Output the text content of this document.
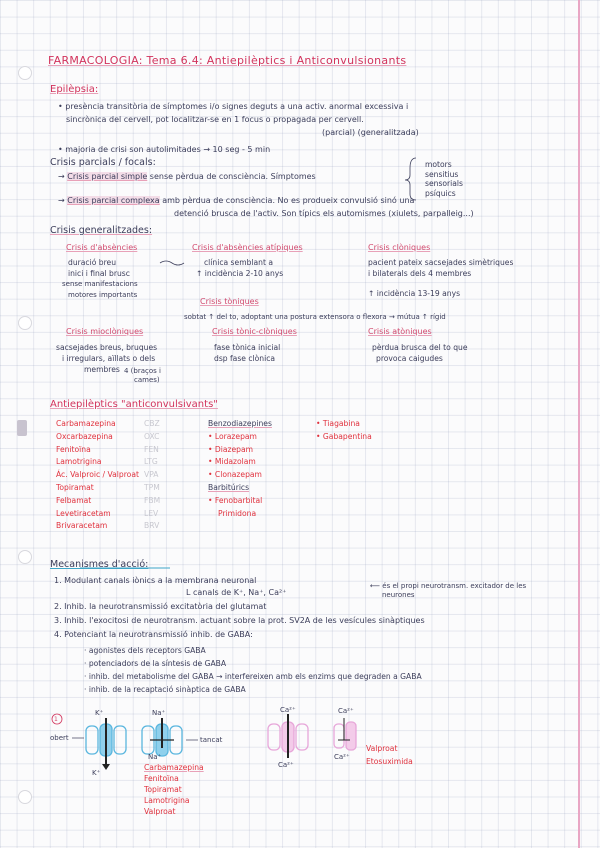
FARMACOLOGIA: Tema 6.4: Antiepilèptics i Anticonvulsionants
Epilèpsia:
• presència transitòria de símptomes i/o signes deguts a una activ. anormal excessiva i
sincrònica del cervell, pot localitzar-se en 1 focus o propagada per cervell.
(parcial) (generalitzada)
• majoria de crisi son autolimitades → 10 seg - 5 min
Crisis parcials / focals:
→ Crisis parcial simple sense pèrdua de consciència. Símptomes
motors
sensitius
sensorials
psíquics
→ Crisis parcial complexa amb pèrdua de consciència. No es produeix convulsió sinó una
detenció brusca de l'activ. Son típics els automismes (xiulets, parpalleig...)
Crisis generalitzades:
Crisis d'absències
duració breu
inici i final brusc
sense manifestacions
motores importants
Crisis d'absències atípiques
clínica semblant a
↑ incidència 2-10 anys
Crisis clòniques
pacient pateix sacsejades simètriques
i bilaterals dels 4 membres
↑ incidència 13-19 anys
Crisis tòniques
sobtat ↑ del to, adoptant una postura extensora o flexora → mútua ↑ rígid
Crisis mioclòniques
sacsejades breus, bruques
i irregulars, aïllats o dels
membres 4 (braços i
cames)
Crisis tònic-clòniques
fase tònica inicial
dsp fase clònica
Crisis atòniques
pèrdua brusca del to que
provoca caigudes
Antiepilèptics "anticonvulsivants"
Carbamazepina
Oxcarbazepina
Fenitoïna
Lamotrigina
Ác. Valproic / Valproat
Topiramat
Felbamat
Levetiracetam
Brivaracetam
CBZ
OXC
FEN
LTG
VPA
TPM
FBM
LEV
BRV
Benzodiazepines
• Lorazepam
• Diazepam
• Midazolam
• Clonazepam
Barbitúrics
• Fenobarbital
Primidona
• Tiagabina
• Gabapentina
Mecanismes d'acció:
1. Modulant canals iònics a la membrana neuronal
L canals de K⁺, Na⁺, Ca²⁺
⟵ és el propi neurotransm. excitador de les
neurones
2. Inhib. la neurotransmissió excitatòria del glutamat
3. Inhib. l'exocitosi de neurotransm. actuant sobre la prot. SV2A de les vesícules sinàptiques
4. Potenciant la neurotransmissió inhib. de GABA:
· agonistes dels receptors GABA
· potenciadors de la síntesis de GABA
· inhib. del metabolisme del GABA → interfereixen amb els enzims que degraden a GABA
· inhib. de la recaptació sinàptica de GABA
1
obert	tancat
K⁺
K⁺
Na⁺
Na⁺
Ca²⁺
Ca²⁺
Ca²⁺
Ca²⁺
Carbamazepina
Fenitoïna
Topiramat
Lamotrigina
Valproat
Valproat
Etosuximida
